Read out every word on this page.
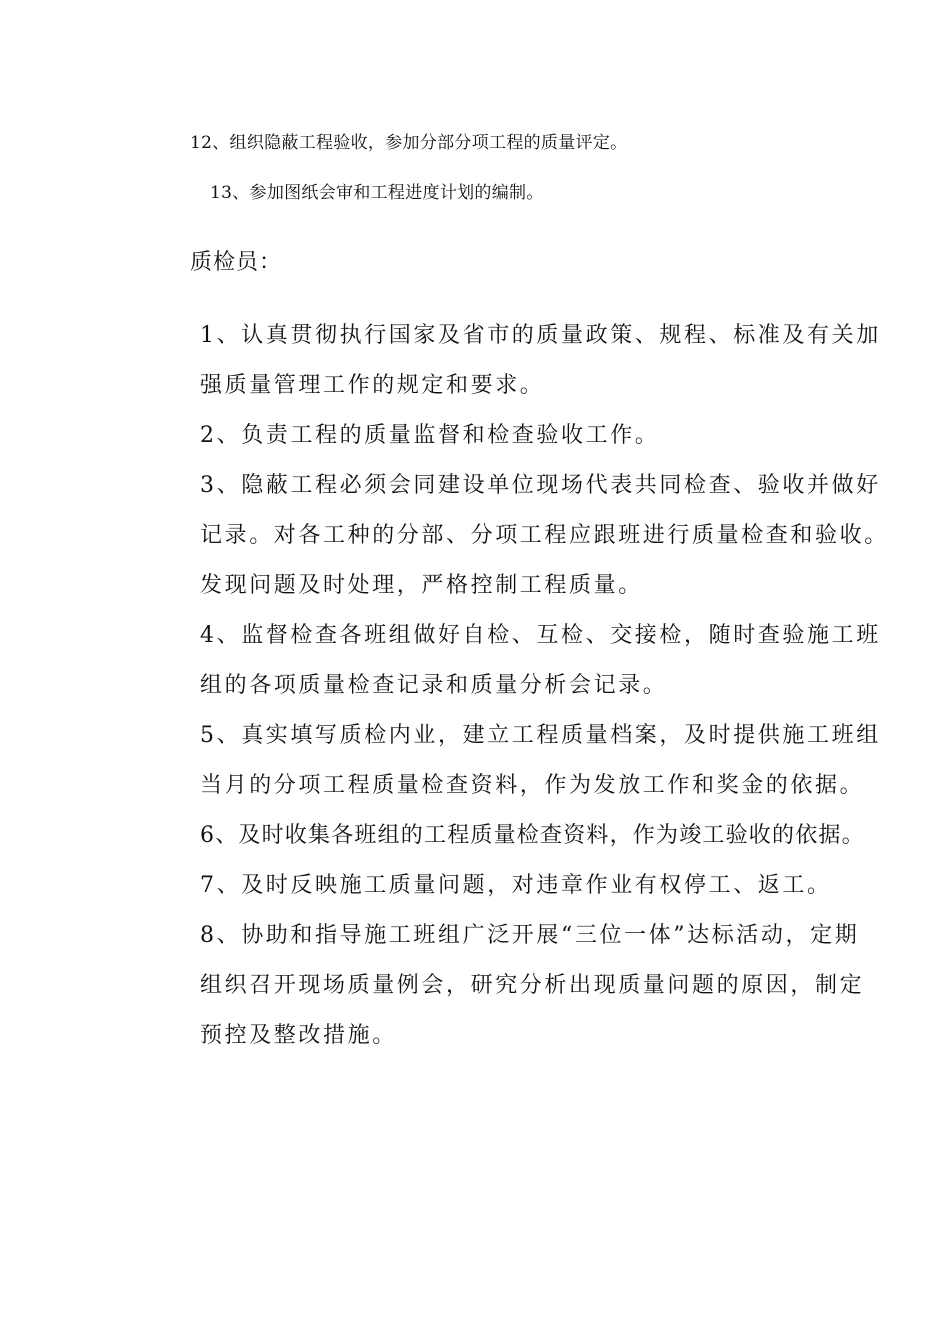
12、组织隐蔽工程验收，参加分部分项工程的质量评定。

13、参加图纸会审和工程进度计划的编制。

质检员：

1、认真贯彻执行国家及省市的质量政策、规程、标准及有关加

强质量管理工作的规定和要求。

2、负责工程的质量监督和检查验收工作。

3、隐蔽工程必须会同建设单位现场代表共同检查、验收并做好

记录。对各工种的分部、分项工程应跟班进行质量检查和验收。

发现问题及时处理，严格控制工程质量。

4、监督检查各班组做好自检、互检、交接检，随时查验施工班

组的各项质量检查记录和质量分析会记录。

5、真实填写质检内业，建立工程质量档案，及时提供施工班组

当月的分项工程质量检查资料，作为发放工作和奖金的依据。

6、及时收集各班组的工程质量检查资料，作为竣工验收的依据。

7、及时反映施工质量问题，对违章作业有权停工、返工。

8、协助和指导施工班组广泛开展“三位一体”达标活动，定期

组织召开现场质量例会，研究分析出现质量问题的原因，制定

预控及整改措施。
